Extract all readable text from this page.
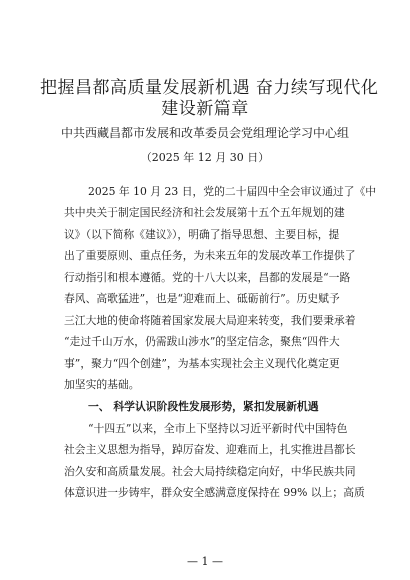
把握昌都高质量发展新机遇 奋力续写现代化
建设新篇章
中共西藏昌都市发展和改革委员会党组理论学习中心组
（2025 年 12 月 30 日）
2025 年 10 月 23 日，党的二十届四中全会审议通过了《中
共中央关于制定国民经济和社会发展第十五个五年规划的建
议》（以下简称《建议》），明确了指导思想、主要目标，提
出了重要原则、重点任务，为未来五年的发展改革工作提供了
行动指引和根本遵循。党的十八大以来，昌都的发展是“一路
春风、高歌猛进”，也是“迎难而上、砥砺前行”。历史赋予
三江大地的使命将随着国家发展大局迎来转变，我们要秉承着
“走过千山万水，仍需跋山涉水”的坚定信念，聚焦“四件大
事”，聚力“四个创建”，为基本实现社会主义现代化奠定更
加坚实的基础。
一、 科学认识阶段性发展形势，紧扣发展新机遇
“十四五”以来，全市上下坚持以习近平新时代中国特色
社会主义思想为指导，踔厉奋发、迎难而上，扎实推进昌都长
治久安和高质量发展。社会大局持续稳定向好，中华民族共同
体意识进一步铸牢，群众安全感满意度保持在 99% 以上；高质
— 1 —
